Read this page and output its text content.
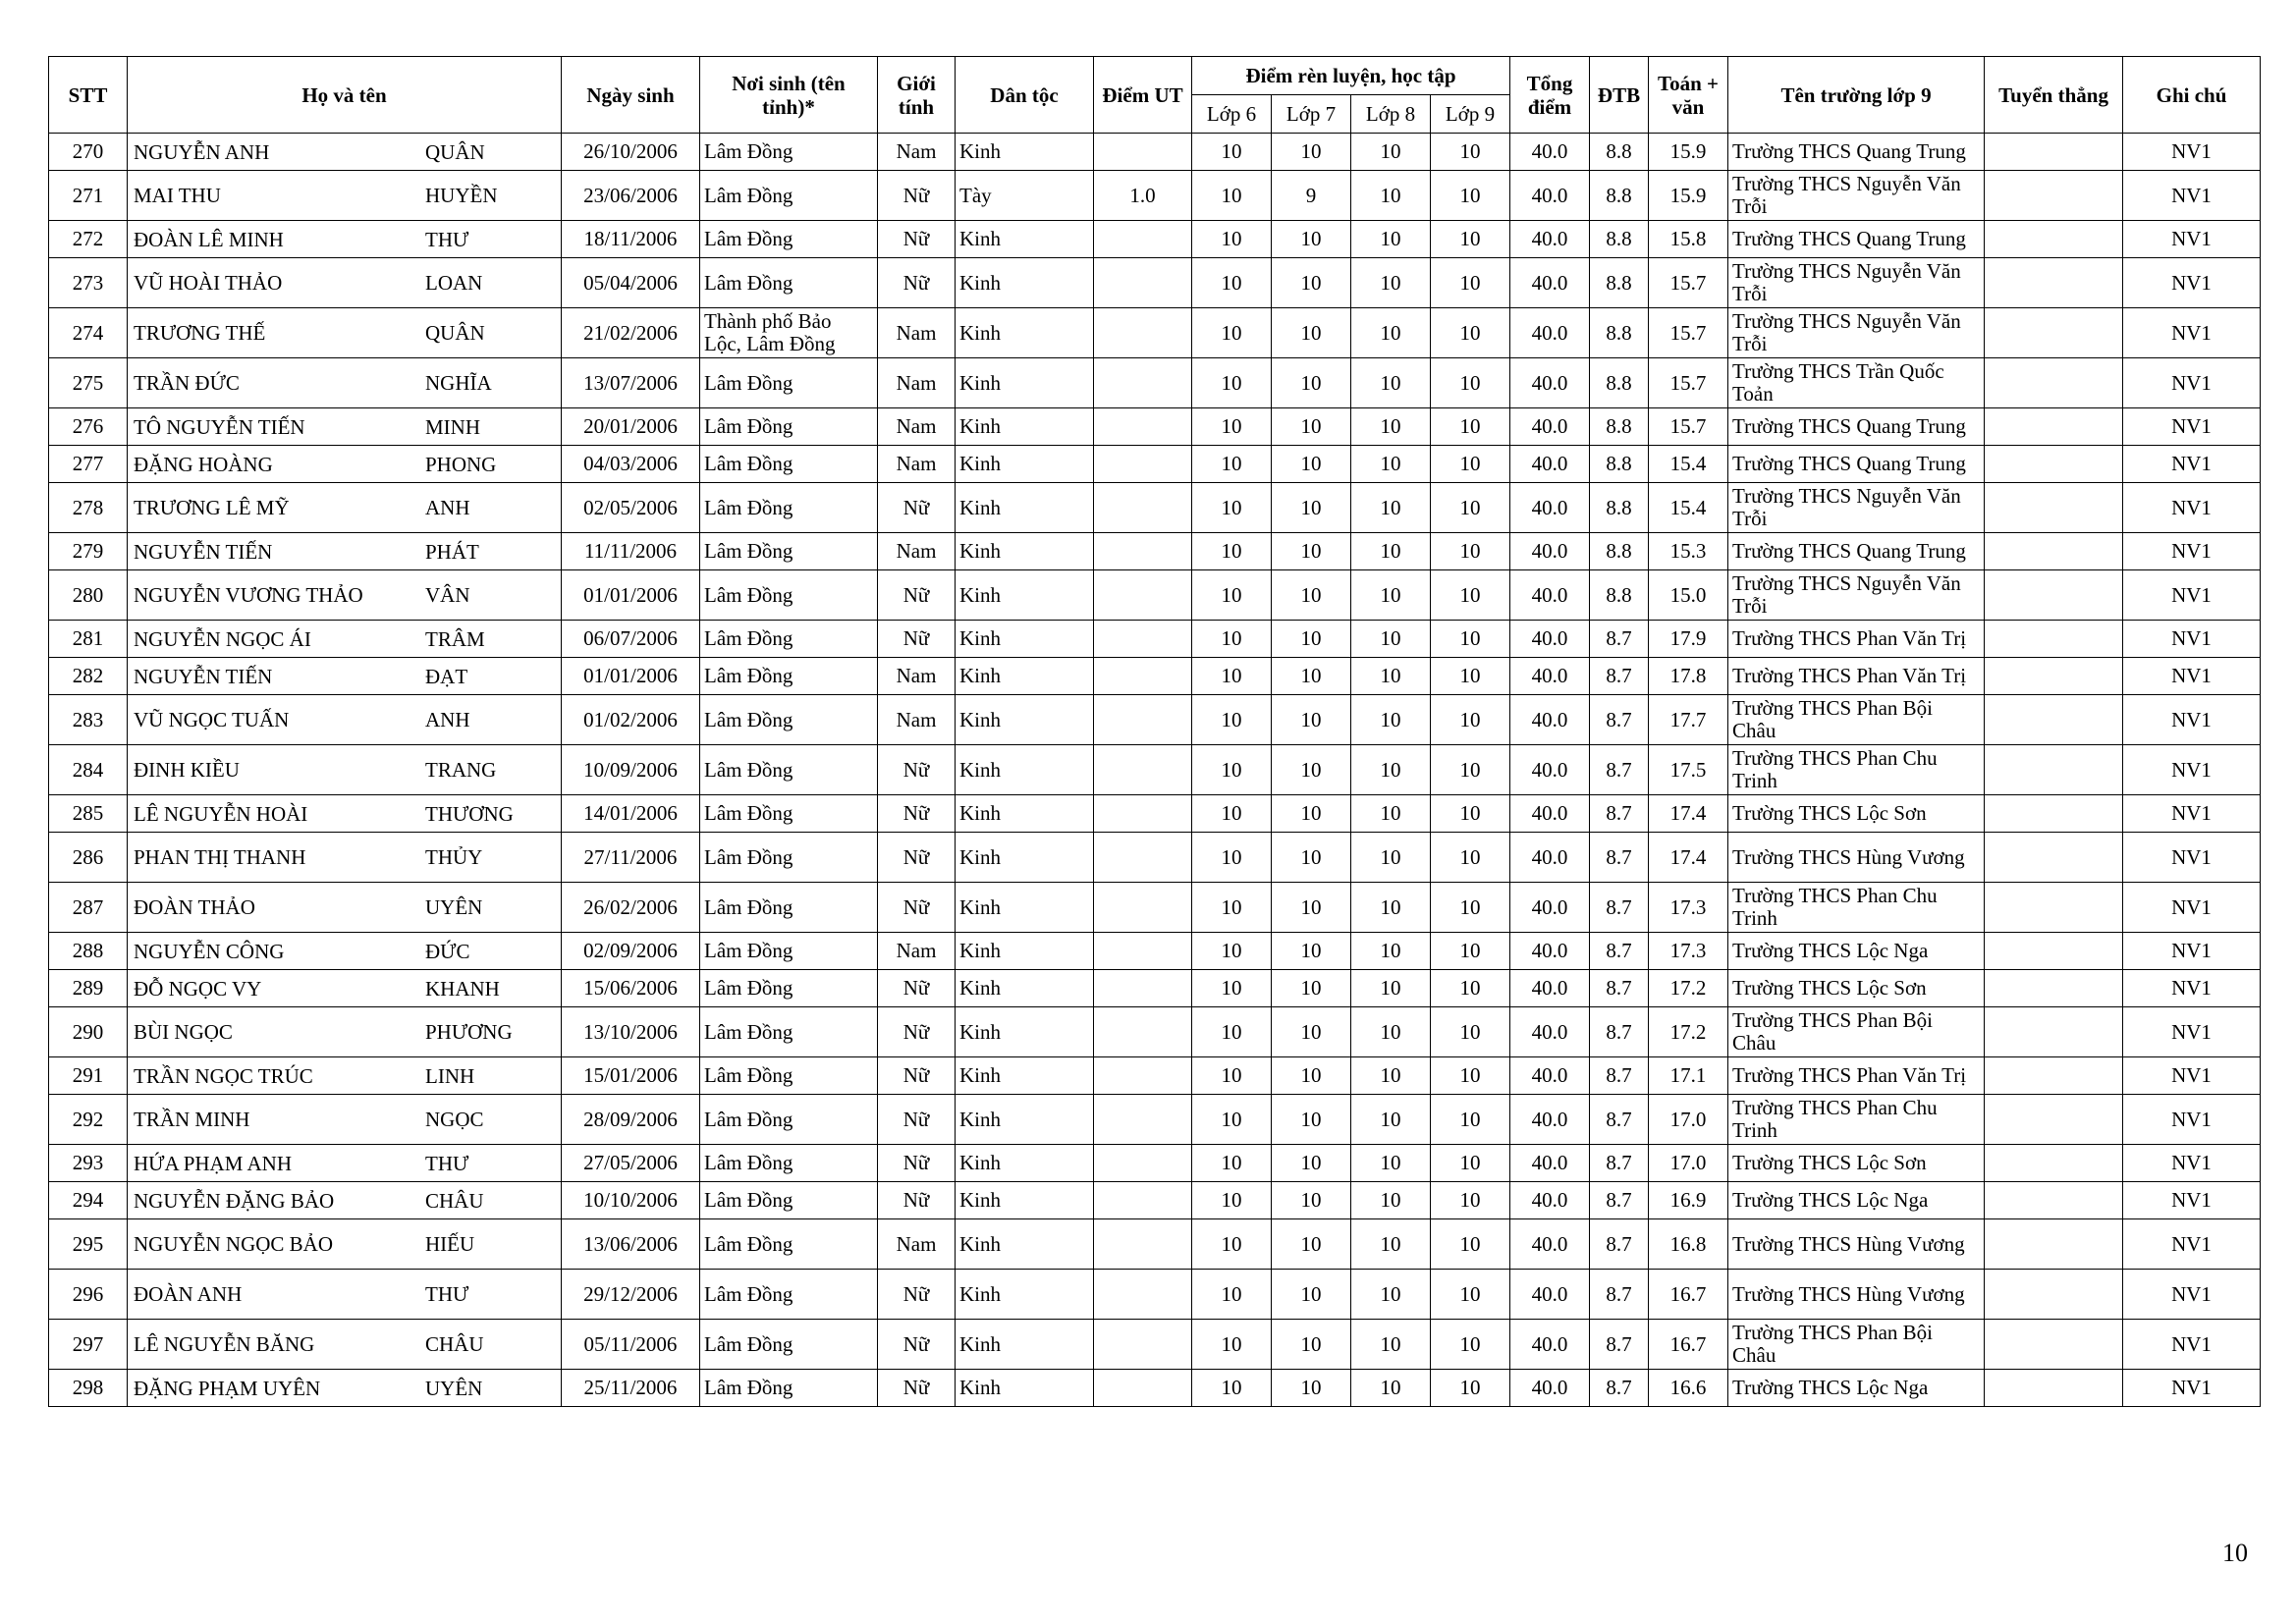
STT	Họ và tên	Ngày sinh	Nơi sinh (tên tỉnh)*	Giới tính	Dân tộc	Điểm UT	Điểm rèn luyện, học tập				Tổng điểm	ĐTB	Toán + văn	Tên trường lớp 9	Tuyển thẳng	Ghi chú
							Lớp 6	Lớp 7	Lớp 8	Lớp 9						
270	NGUYỄN ANH QUÂN	26/10/2006	Lâm Đồng	Nam	Kinh		10	10	10	10	40.0	8.8	15.9	Trường THCS Quang Trung		NV1
271	MAI THU HUYỀN	23/06/2006	Lâm Đồng	Nữ	Tày	1.0	10	9	10	10	40.0	8.8	15.9	Trường THCS Nguyễn Văn Trỗi		NV1
272	ĐOÀN LÊ MINH THƯ	18/11/2006	Lâm Đồng	Nữ	Kinh		10	10	10	10	40.0	8.8	15.8	Trường THCS Quang Trung		NV1
273	VŨ HOÀI THẢO LOAN	05/04/2006	Lâm Đồng	Nữ	Kinh		10	10	10	10	40.0	8.8	15.7	Trường THCS Nguyễn Văn Trỗi		NV1
274	TRƯƠNG THẾ QUÂN	21/02/2006	Thành phố Bảo Lộc, Lâm Đồng	Nam	Kinh		10	10	10	10	40.0	8.8	15.7	Trường THCS Nguyễn Văn Trỗi		NV1
275	TRẦN ĐỨC NGHĨA	13/07/2006	Lâm Đồng	Nam	Kinh		10	10	10	10	40.0	8.8	15.7	Trường THCS Trần Quốc Toản		NV1
276	TÔ NGUYỄN TIẾN MINH	20/01/2006	Lâm Đồng	Nam	Kinh		10	10	10	10	40.0	8.8	15.7	Trường THCS Quang Trung		NV1
277	ĐẶNG HOÀNG PHONG	04/03/2006	Lâm Đồng	Nam	Kinh		10	10	10	10	40.0	8.8	15.4	Trường THCS Quang Trung		NV1
278	TRƯƠNG LÊ MỸ ANH	02/05/2006	Lâm Đồng	Nữ	Kinh		10	10	10	10	40.0	8.8	15.4	Trường THCS Nguyễn Văn Trỗi		NV1
279	NGUYỄN TIẾN PHÁT	11/11/2006	Lâm Đồng	Nam	Kinh		10	10	10	10	40.0	8.8	15.3	Trường THCS Quang Trung		NV1
280	NGUYỄN VƯƠNG THẢO VÂN	01/01/2006	Lâm Đồng	Nữ	Kinh		10	10	10	10	40.0	8.8	15.0	Trường THCS Nguyễn Văn Trỗi		NV1
281	NGUYỄN NGỌC ÁI TRÂM	06/07/2006	Lâm Đồng	Nữ	Kinh		10	10	10	10	40.0	8.7	17.9	Trường THCS Phan Văn Trị		NV1
282	NGUYỄN TIẾN ĐẠT	01/01/2006	Lâm Đồng	Nam	Kinh		10	10	10	10	40.0	8.7	17.8	Trường THCS Phan Văn Trị		NV1
283	VŨ NGỌC TUẤN ANH	01/02/2006	Lâm Đồng	Nam	Kinh		10	10	10	10	40.0	8.7	17.7	Trường THCS Phan Bội Châu		NV1
284	ĐINH KIỀU TRANG	10/09/2006	Lâm Đồng	Nữ	Kinh		10	10	10	10	40.0	8.7	17.5	Trường THCS Phan Chu Trinh		NV1
285	LÊ NGUYỄN HOÀI THƯƠNG	14/01/2006	Lâm Đồng	Nữ	Kinh		10	10	10	10	40.0	8.7	17.4	Trường THCS Lộc Sơn		NV1
286	PHAN THỊ THANH THỦY	27/11/2006	Lâm Đồng	Nữ	Kinh		10	10	10	10	40.0	8.7	17.4	Trường THCS Hùng Vương		NV1
287	ĐOÀN THẢO UYÊN	26/02/2006	Lâm Đồng	Nữ	Kinh		10	10	10	10	40.0	8.7	17.3	Trường THCS Phan Chu Trinh		NV1
288	NGUYỄN CÔNG ĐỨC	02/09/2006	Lâm Đồng	Nam	Kinh		10	10	10	10	40.0	8.7	17.3	Trường THCS Lộc Nga		NV1
289	ĐỖ NGỌC VY KHANH	15/06/2006	Lâm Đồng	Nữ	Kinh		10	10	10	10	40.0	8.7	17.2	Trường THCS Lộc Sơn		NV1
290	BÙI NGỌC PHƯƠNG	13/10/2006	Lâm Đồng	Nữ	Kinh		10	10	10	10	40.0	8.7	17.2	Trường THCS Phan Bội Châu		NV1
291	TRẦN NGỌC TRÚC LINH	15/01/2006	Lâm Đồng	Nữ	Kinh		10	10	10	10	40.0	8.7	17.1	Trường THCS Phan Văn Trị		NV1
292	TRẦN MINH NGỌC	28/09/2006	Lâm Đồng	Nữ	Kinh		10	10	10	10	40.0	8.7	17.0	Trường THCS Phan Chu Trinh		NV1
293	HỨA PHẠM ANH THƯ	27/05/2006	Lâm Đồng	Nữ	Kinh		10	10	10	10	40.0	8.7	17.0	Trường THCS Lộc Sơn		NV1
294	NGUYỄN ĐẶNG BẢO CHÂU	10/10/2006	Lâm Đồng	Nữ	Kinh		10	10	10	10	40.0	8.7	16.9	Trường THCS Lộc Nga		NV1
295	NGUYỄN NGỌC BẢO HIẾU	13/06/2006	Lâm Đồng	Nam	Kinh		10	10	10	10	40.0	8.7	16.8	Trường THCS Hùng Vương		NV1
296	ĐOÀN ANH THƯ	29/12/2006	Lâm Đồng	Nữ	Kinh		10	10	10	10	40.0	8.7	16.7	Trường THCS Hùng Vương		NV1
297	LÊ NGUYỄN BĂNG CHÂU	05/11/2006	Lâm Đồng	Nữ	Kinh		10	10	10	10	40.0	8.7	16.7	Trường THCS Phan Bội Châu		NV1
298	ĐẶNG PHẠM UYÊN UYÊN	25/11/2006	Lâm Đồng	Nữ	Kinh		10	10	10	10	40.0	8.7	16.6	Trường THCS Lộc Nga		NV1
10
